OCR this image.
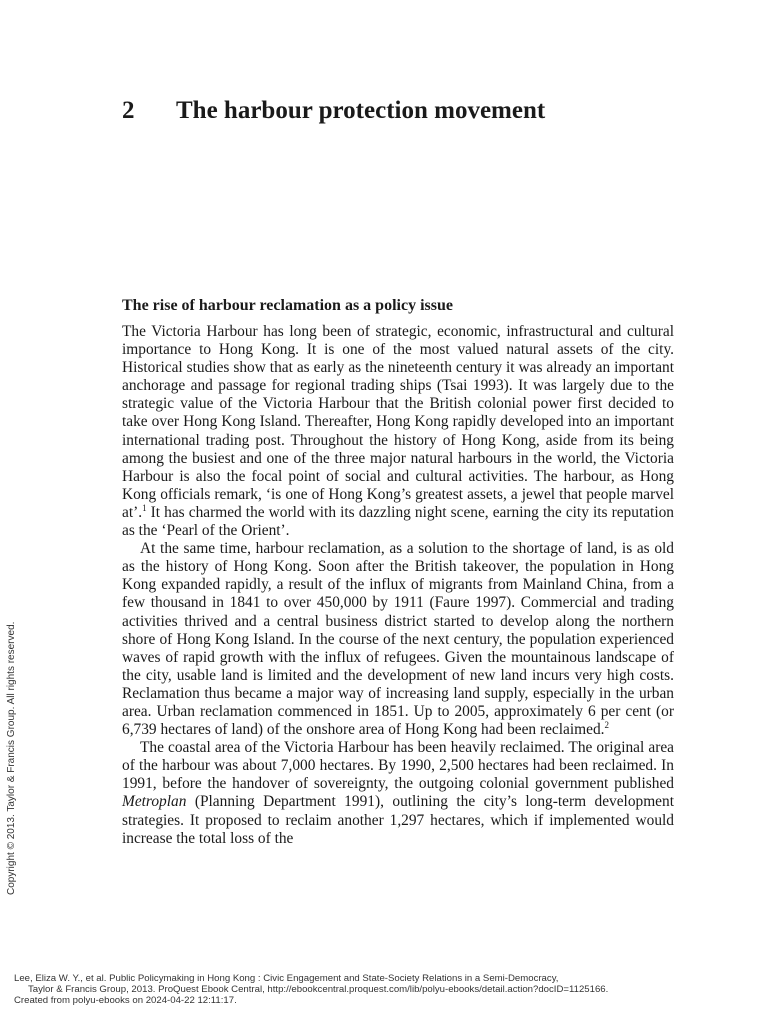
2	The harbour protection movement
The rise of harbour reclamation as a policy issue

The Victoria Harbour has long been of strategic, economic, infrastructural and cultural importance to Hong Kong. It is one of the most valued natural assets of the city. Historical studies show that as early as the nineteenth century it was already an important anchorage and passage for regional trading ships (Tsai 1993). It was largely due to the strategic value of the Victoria Harbour that the British colonial power first decided to take over Hong Kong Island. Thereafter, Hong Kong rapidly developed into an important international trading post. Throughout the history of Hong Kong, aside from its being among the busiest and one of the three major natural harbours in the world, the Victoria Harbour is also the focal point of social and cultural activities. The harbour, as Hong Kong officials remark, ‘is one of Hong Kong’s greatest assets, a jewel that people marvel at’.$^1$ It has charmed the world with its dazzling night scene, earning the city its reputation as the ‘Pearl of the Orient’.

At the same time, harbour reclamation, as a solution to the shortage of land, is as old as the history of Hong Kong. Soon after the British takeover, the population in Hong Kong expanded rapidly, a result of the influx of migrants from Mainland China, from a few thousand in 1841 to over 450,000 by 1911 (Faure 1997). Commercial and trading activities thrived and a central business district started to develop along the northern shore of Hong Kong Island. In the course of the next century, the population experienced waves of rapid growth with the influx of refugees. Given the mountainous landscape of the city, usable land is limited and the development of new land incurs very high costs. Reclamation thus became a major way of increasing land supply, especially in the urban area. Urban reclamation commenced in 1851. Up to 2005, approximately 6 per cent (or 6,739 hectares of land) of the onshore area of Hong Kong had been reclaimed.$^2$

The coastal area of the Victoria Harbour has been heavily reclaimed. The original area of the harbour was about 7,000 hectares. By 1990, 2,500 hectares had been reclaimed. In 1991, before the handover of sovereignty, the outgoing colonial government published Metroplan (Planning Department 1991), outlining the city’s long-term development strategies. It proposed to reclaim another 1,297 hectares, which if implemented would increase the total loss of the

Copyright © 2013. Taylor & Francis Group. All rights reserved.
Lee, Eliza W. Y., et al. Public Policymaking in Hong Kong : Civic Engagement and State-Society Relations in a Semi-Democracy,
Taylor & Francis Group, 2013. ProQuest Ebook Central, http://ebookcentral.proquest.com/lib/polyu-ebooks/detail.action?docID=1125166.
Created from polyu-ebooks on 2024-04-22 12:11:17.
